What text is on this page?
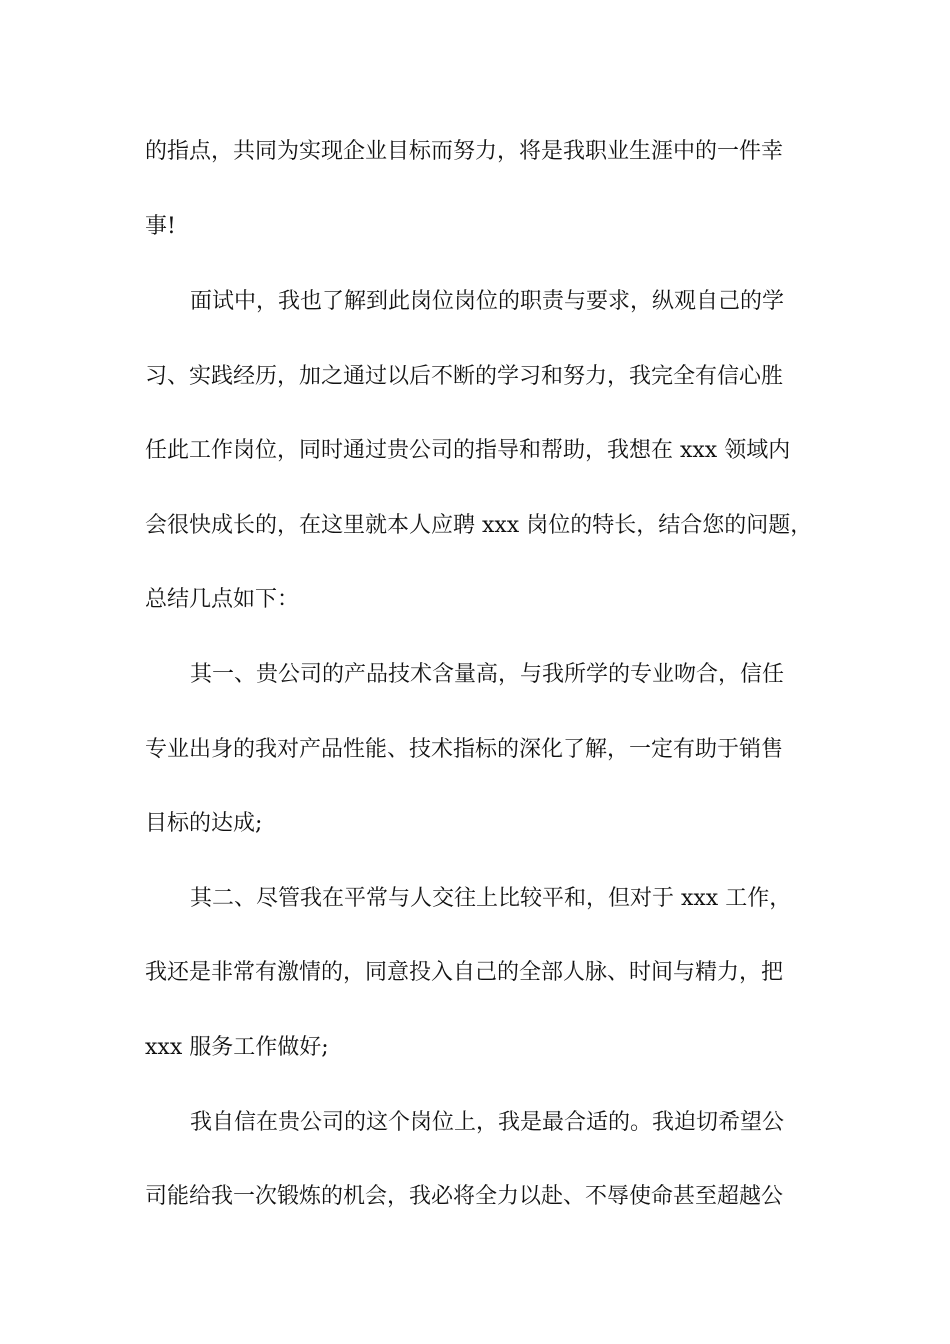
的指点，共同为实现企业目标而努力，将是我职业生涯中的一件幸
事!
面试中，我也了解到此岗位岗位的职责与要求，纵观自己的学
习、实践经历，加之通过以后不断的学习和努力，我完全有信心胜
任此工作岗位，同时通过贵公司的指导和帮助，我想在 xxx 领域内
会很快成长的，在这里就本人应聘 xxx 岗位的特长，结合您的问题，
总结几点如下：
其一、贵公司的产品技术含量高，与我所学的专业吻合，信任
专业出身的我对产品性能、技术指标的深化了解，一定有助于销售
目标的达成;
其二、尽管我在平常与人交往上比较平和，但对于 xxx 工作，
我还是非常有激情的，同意投入自己的全部人脉、时间与精力，把
xxx 服务工作做好;
我自信在贵公司的这个岗位上，我是最合适的。我迫切希望公
司能给我一次锻炼的机会，我必将全力以赴、不辱使命甚至超越公
